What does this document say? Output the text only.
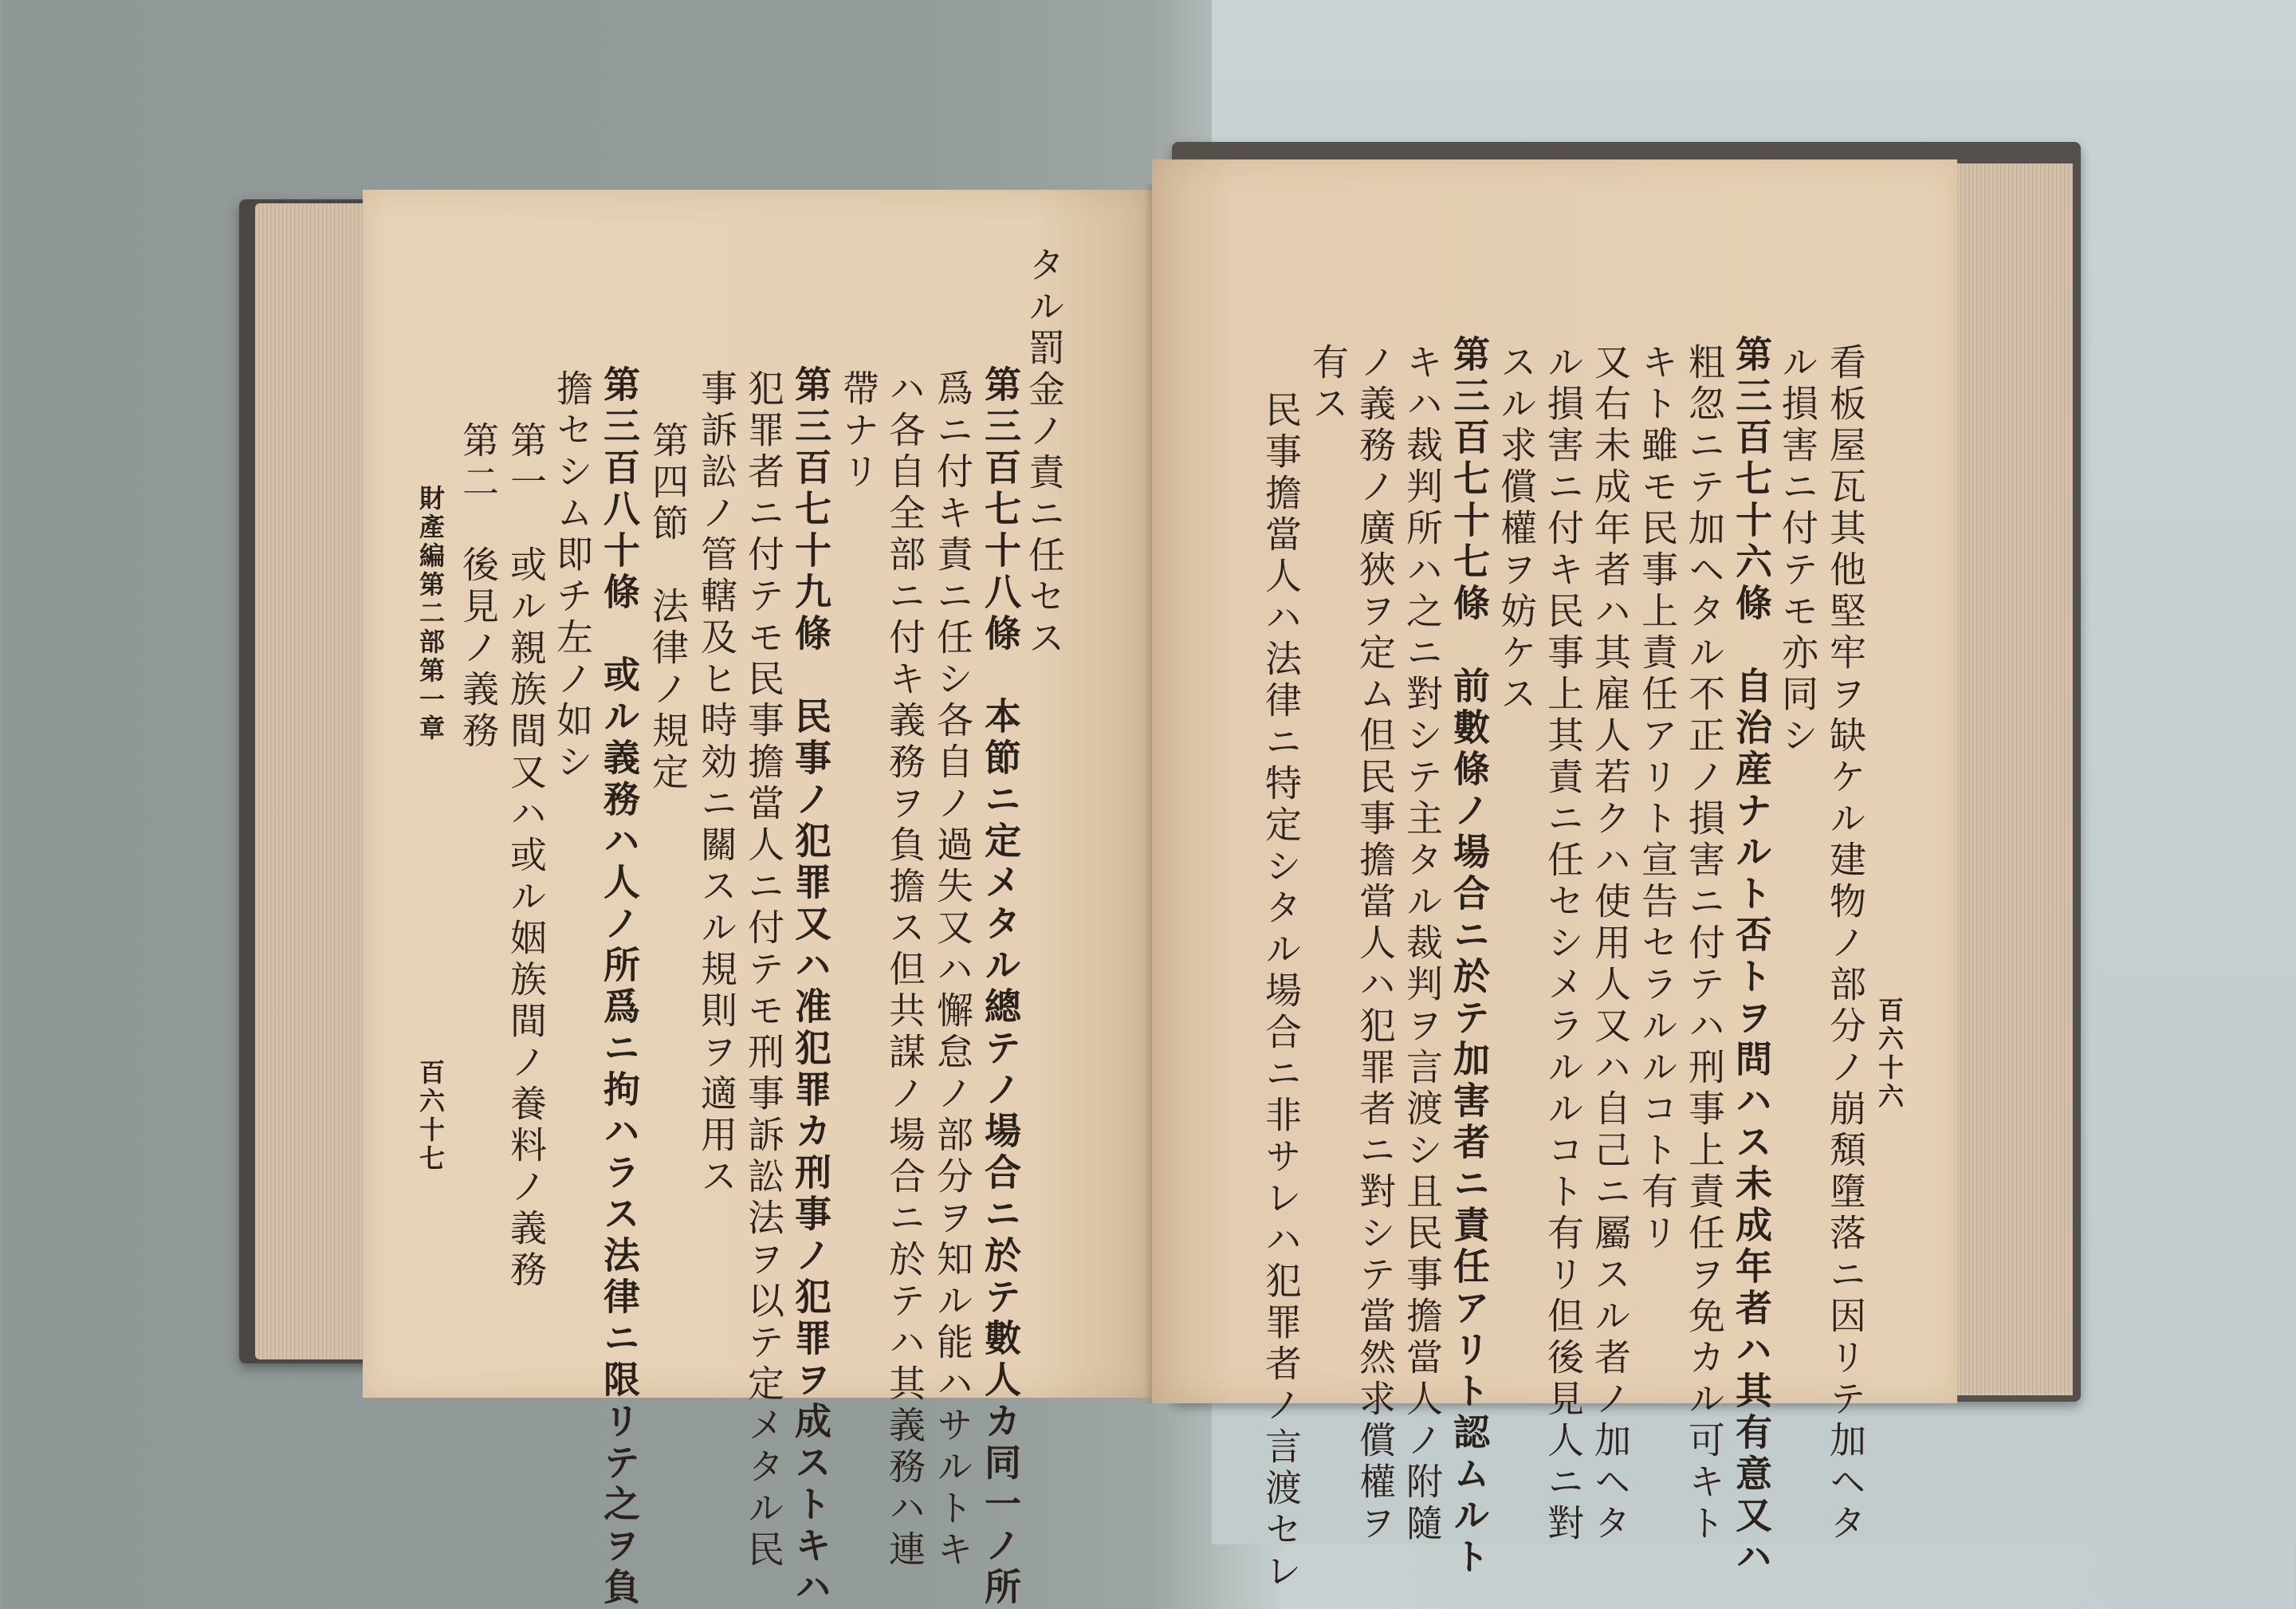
タル罰金ノ責ニ任セス
第三百七十八條　本節ニ定メタル總テノ場合ニ於テ數人カ同一ノ所
爲ニ付キ責ニ任シ各自ノ過失又ハ懈怠ノ部分ヲ知ル能ハサルトキ
ハ各自全部ニ付キ義務ヲ負擔ス但共謀ノ場合ニ於テハ其義務ハ連
帶ナリ
第三百七十九條　民事ノ犯罪又ハ准犯罪カ刑事ノ犯罪ヲ成ストキハ
犯罪者ニ付テモ民事擔當人ニ付テモ刑事訴訟法ヲ以テ定メタル民
事訴訟ノ管轄及ヒ時効ニ關スル規則ヲ適用ス
第四節　法律ノ規定
第三百八十條　或ル義務ハ人ノ所爲ニ拘ハラス法律ニ限リテ之ヲ負
擔セシム即チ左ノ如シ
第一　或ル親族間又ハ或ル姻族間ノ養料ノ義務
第二　後見ノ義務
財產編第二部第一章
百六十七
百六十六
看板屋瓦其他堅牢ヲ缺ケル建物ノ部分ノ崩頽墮落ニ因リテ加ヘタ
ル損害ニ付テモ亦同シ
第三百七十六條　自治産ナルト否トヲ問ハス未成年者ハ其有意又ハ
粗忽ニテ加ヘタル不正ノ損害ニ付テハ刑事上責任ヲ免カル可キト
キト雖モ民事上責任アリト宣告セラルルコト有リ
又右未成年者ハ其雇人若クハ使用人又ハ自己ニ屬スル者ノ加ヘタ
ル損害ニ付キ民事上其責ニ任セシメラルルコト有リ但後見人ニ對
スル求償權ヲ妨ケス
第三百七十七條　前數條ノ場合ニ於テ加害者ニ責任アリト認ムルト
キハ裁判所ハ之ニ對シテ主タル裁判ヲ言渡シ且民事擔當人ノ附隨
ノ義務ノ廣狹ヲ定ム但民事擔當人ハ犯罪者ニ對シテ當然求償權ヲ
有ス
民事擔當人ハ法律ニ特定シタル場合ニ非サレハ犯罪者ノ言渡セレ
